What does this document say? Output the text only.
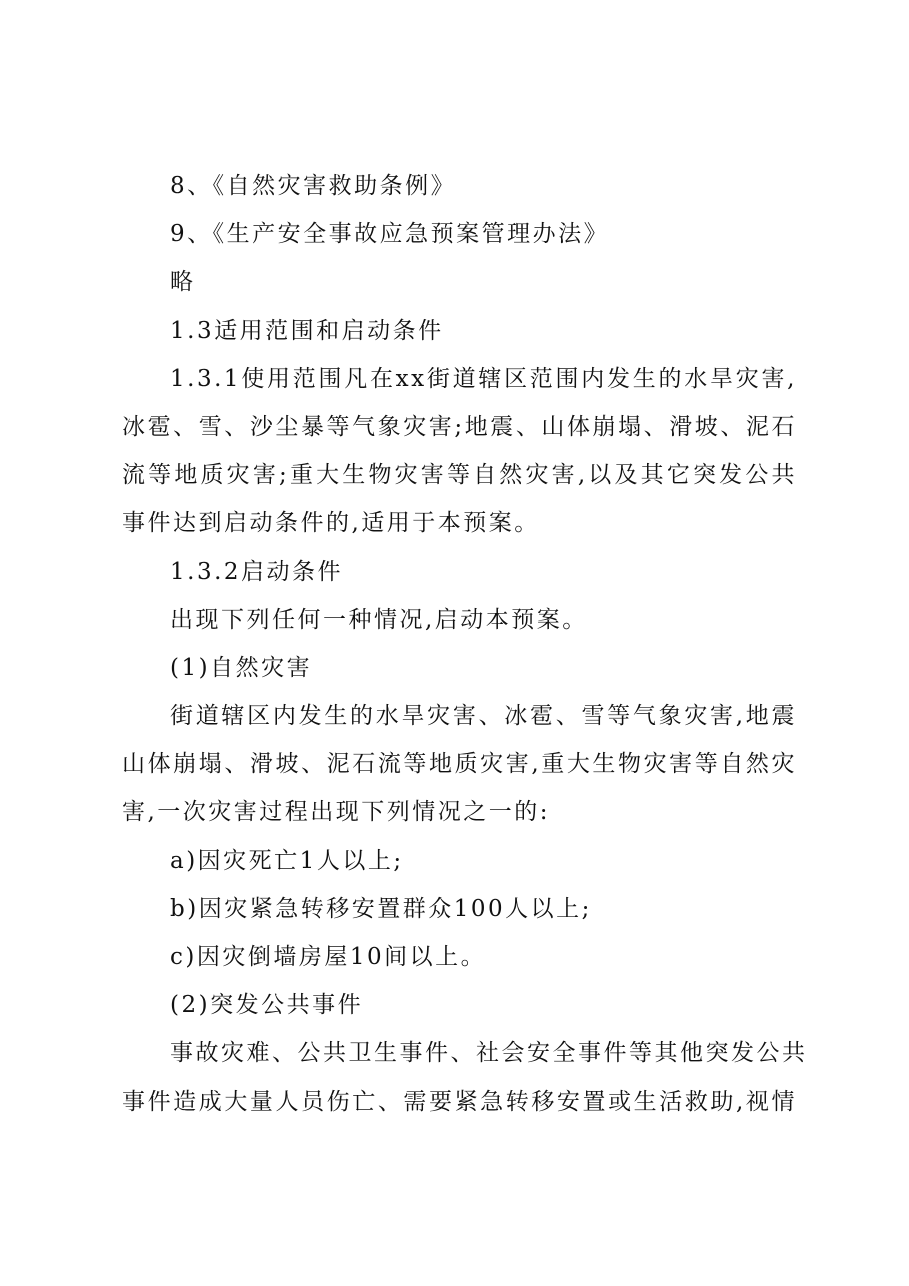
8、《自然灾害救助条例》
9、《生产安全事故应急预案管理办法》
略
1.3适用范围和启动条件
1.3.1使用范围凡在xx街道辖区范围内发生的水旱灾害,
冰雹、雪、沙尘暴等气象灾害;地震、山体崩塌、滑坡、泥石
流等地质灾害;重大生物灾害等自然灾害,以及其它突发公共
事件达到启动条件的,适用于本预案。
1.3.2启动条件
出现下列任何一种情况,启动本预案。
(1)自然灾害
街道辖区内发生的水旱灾害、冰雹、雪等气象灾害,地震
山体崩塌、滑坡、泥石流等地质灾害,重大生物灾害等自然灾
害,一次灾害过程出现下列情况之一的:
a)因灾死亡1人以上;
b)因灾紧急转移安置群众100人以上;
c)因灾倒墙房屋10间以上。
(2)突发公共事件
事故灾难、公共卫生事件、社会安全事件等其他突发公共
事件造成大量人员伤亡、需要紧急转移安置或生活救助,视情
